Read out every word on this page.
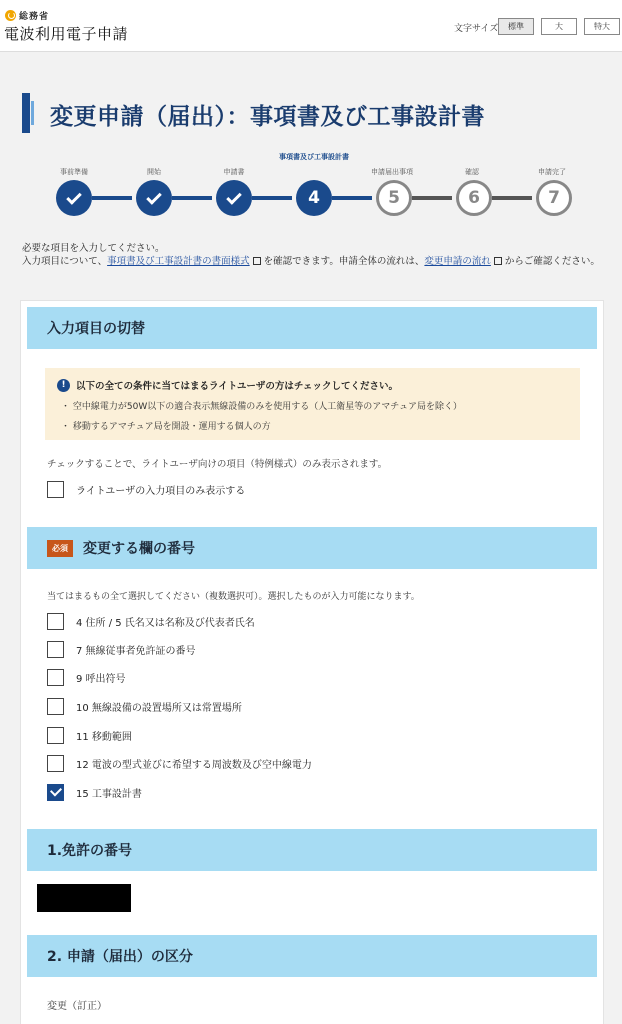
総務省
電波利用電子申請	文字サイズ	標準	大	特大
変更申請（届出）：事項書及び工事設計書
事前準備	開始	申請書
事項書及び工事設計書
申請届出事項	確認	申請完了
4	5	6	7
必要な項目を入力してください。
入力項目について、事項書及び工事設計書の書面様式 を確認できます。申請全体の流れは、変更申請の流れ からご確認ください。
入力項目の切替
!	以下の全ての条件に当てはまるライトユーザの方はチェックしてください。
・ 空中線電力が50W以下の適合表示無線設備のみを使用する（人工衛星等のアマチュア局を除く）
・ 移動するアマチュア局を開設・運用する個人の方
チェックすることで、ライトユーザ向けの項目（特例様式）のみ表示されます。
ライトユーザの入力項目のみ表示する
必須	変更する欄の番号
当てはまるもの全て選択してください（複数選択可）。選択したものが入力可能になります。
4 住所 / 5 氏名又は名称及び代表者氏名
7 無線従事者免許証の番号
9 呼出符号
10 無線設備の設置場所又は常置場所
11 移動範囲
12 電波の型式並びに希望する周波数及び空中線電力
15 工事設計書
1.免許の番号
2. 申請（届出）の区分
変更（訂正）
